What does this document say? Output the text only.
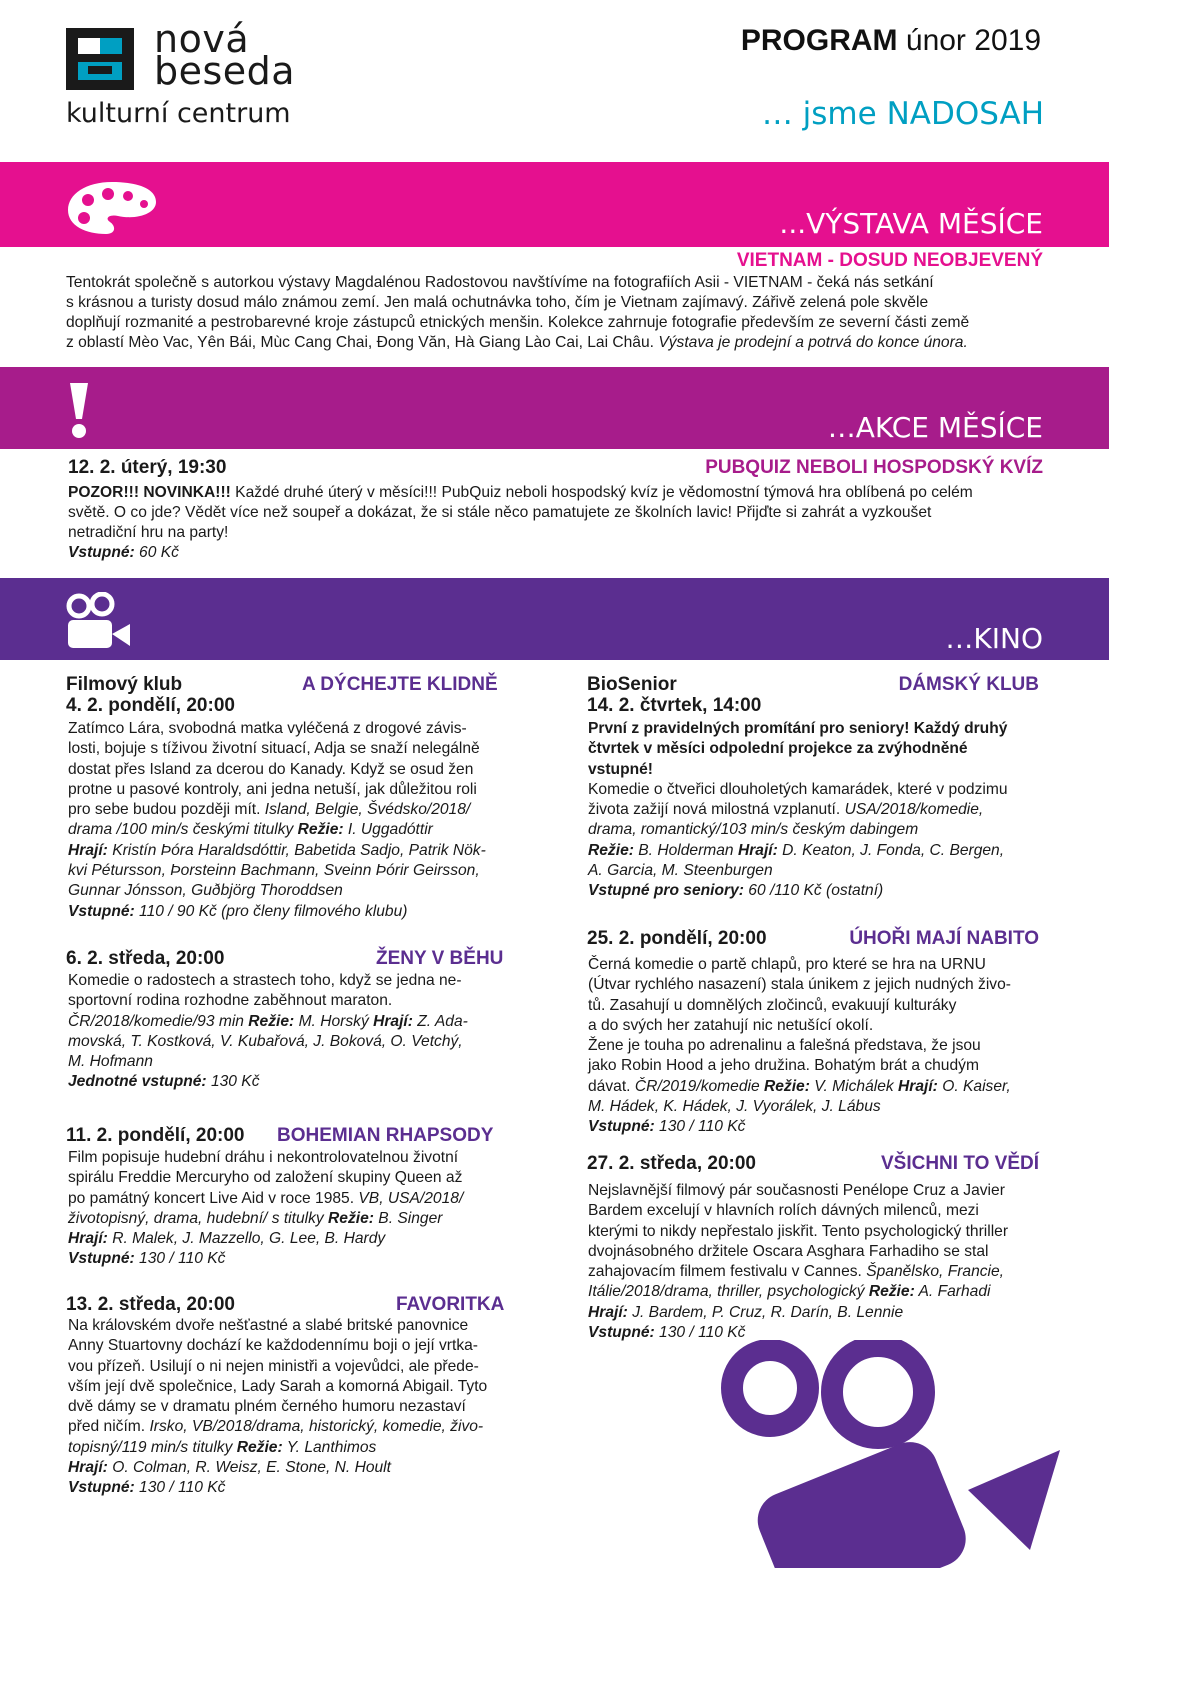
nová
beseda
kulturní centrum
PROGRAM únor 2019
… jsme NADOSAH
...VÝSTAVA MĚSÍCE
VIETNAM - DOSUD NEOBJEVENÝ
Tentokrát společně s autorkou výstavy Magdalénou Radostovou navštívíme na fotografiích Asii - VIETNAM - čeká nás setkání
s krásnou a turisty dosud málo známou zemí. Jen malá ochutnávka toho, čím je Vietnam zajímavý. Zářivě zelená pole skvěle
doplňují rozmanité a pestrobarevné kroje zástupců etnických menšin. Kolekce zahrnuje fotografie především ze severní části země
z oblastí Mèo Vac, Yên Bái, Mùc Cang Chai, Đong Văn, Hà Giang Lào Cai, Lai Châu. Výstava je prodejní a potrvá do konce února.
…AKCE MĚSÍCE
12. 2. úterý, 19:30	PUBQUIZ NEBOLI HOSPODSKÝ KVÍZ
POZOR!!! NOVINKA!!! Každé druhé úterý v měsíci!!! PubQuiz neboli hospodský kvíz je vědomostní týmová hra oblíbená po celém
světě. O co jde? Vědět více než soupeř a dokázat, že si stále něco pamatujete ze školních lavic! Přijďte si zahrát a vyzkoušet
netradiční hru na party!
Vstupné: 60 Kč
…KINO
Filmový klub
4. 2. pondělí, 20:00
A DÝCHEJTE KLIDNĚ
Zatímco Lára, svobodná matka vyléčená z drogové závis-
losti, bojuje s tíživou životní situací, Adja se snaží nelegálně
dostat přes Island za dcerou do Kanady. Když se osud žen
protne u pasové kontroly, ani jedna netuší, jak důležitou roli
pro sebe budou později mít. Island, Belgie, Švédsko/2018/
drama /100 min/s českými titulky Režie: I. Uggadóttir
Hrají: Kristín Þóra Haraldsdóttir, Babetida Sadjo, Patrik Nök-
kvi Pétursson, Þorsteinn Bachmann, Sveinn Þórir Geirsson,
Gunnar Jónsson, Guðbjörg Thoroddsen
Vstupné: 110 / 90 Kč (pro členy filmového klubu)
6. 2. středa, 20:00	ŽENY V BĚHU
Komedie o radostech a strastech toho, když se jedna ne-
sportovní rodina rozhodne zaběhnout maraton.
ČR/2018/komedie/93 min Režie: M. Horský Hrají: Z. Ada-
movská, T. Kostková, V. Kubařová, J. Boková, O. Vetchý,
M. Hofmann
Jednotné vstupné: 130 Kč
11. 2. pondělí, 20:00 BOHEMIAN RHAPSODY
Film popisuje hudební dráhu i nekontrolovatelnou životní
spirálu Freddie Mercuryho od založení skupiny Queen až
po památný koncert Live Aid v roce 1985. VB, USA/2018/
životopisný, drama, hudební/ s titulky Režie: B. Singer
Hrají: R. Malek, J. Mazzello, G. Lee, B. Hardy
Vstupné: 130 / 110 Kč
13. 2. středa, 20:00	FAVORITKA
Na královském dvoře nešťastné a slabé britské panovnice
Anny Stuartovny dochází ke každodennímu boji o její vrtka-
vou přízeň. Usilují o ni nejen ministři a vojevůdci, ale přede-
vším její dvě společnice, Lady Sarah a komorná Abigail. Tyto
dvě dámy se v dramatu plném černého humoru nezastaví
před ničím. Irsko, VB/2018/drama, historický, komedie, živo-
topisný/119 min/s titulky Režie: Y. Lanthimos
Hrají: O. Colman, R. Weisz, E. Stone, N. Hoult
Vstupné: 130 / 110 Kč
BioSenior
14. 2. čtvrtek, 14:00
DÁMSKÝ KLUB
První z pravidelných promítání pro seniory! Každý druhý
čtvrtek v měsíci odpolední projekce za zvýhodněné
vstupné!
Komedie o čtveřici dlouholetých kamarádek, které v podzimu
života zažijí nová milostná vzplanutí. USA/2018/komedie,
drama, romantický/103 min/s českým dabingem
Režie: B. Holderman Hrají: D. Keaton, J. Fonda, C. Bergen,
A. Garcia, M. Steenburgen
Vstupné pro seniory: 60 /110 Kč (ostatní)
25. 2. pondělí, 20:00	ÚHOŘI MAJÍ NABITO
Černá komedie o partě chlapů, pro které se hra na URNU
(Útvar rychlého nasazení) stala únikem z jejich nudných živo-
tů. Zasahují u domnělých zločinců, evakuují kulturáky
a do svých her zatahují nic netušící okolí.
Žene je touha po adrenalinu a falešná představa, že jsou
jako Robin Hood a jeho družina. Bohatým brát a chudým
dávat. ČR/2019/komedie Režie: V. Michálek Hrají: O. Kaiser,
M. Hádek, K. Hádek, J. Vyorálek, J. Lábus
Vstupné: 130 / 110 Kč
27. 2. středa, 20:00	VŠICHNI TO VĚDÍ
Nejslavnější filmový pár současnosti Penélope Cruz a Javier
Bardem excelují v hlavních rolích dávných milenců, mezi
kterými to nikdy nepřestalo jiskřit. Tento psychologický thriller
dvojnásobného držitele Oscara Asghara Farhadiho se stal
zahajovacím filmem festivalu v Cannes. Španělsko, Francie,
Itálie/2018/drama, thriller, psychologický Režie: A. Farhadi
Hrají: J. Bardem, P. Cruz, R. Darín, B. Lennie
Vstupné: 130 / 110 Kč
